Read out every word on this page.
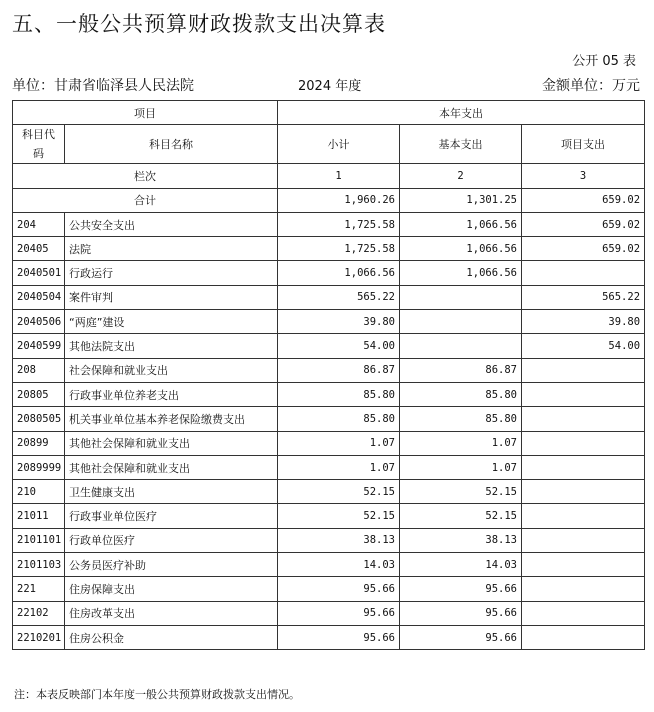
五、一般公共预算财政拨款支出决算表
公开 05 表
单位：甘肃省临泽县人民法院	2024 年度	金额单位：万元
项目		本年支出		
科目代码	科目名称	小计	基本支出	项目支出
栏次		1	2	3
合计		1,960.26	1,301.25	659.02
204	公共安全支出	1,725.58	1,066.56	659.02
20405	法院	1,725.58	1,066.56	659.02
2040501	行政运行	1,066.56	1,066.56	
2040504	案件审判	565.22		565.22
2040506	“两庭”建设	39.80		39.80
2040599	其他法院支出	54.00		54.00
208	社会保障和就业支出	86.87	86.87	
20805	行政事业单位养老支出	85.80	85.80	
2080505	机关事业单位基本养老保险缴费支出	85.80	85.80	
20899	其他社会保障和就业支出	1.07	1.07	
2089999	其他社会保障和就业支出	1.07	1.07	
210	卫生健康支出	52.15	52.15	
21011	行政事业单位医疗	52.15	52.15	
2101101	行政单位医疗	38.13	38.13	
2101103	公务员医疗补助	14.03	14.03	
221	住房保障支出	95.66	95.66	
22102	住房改革支出	95.66	95.66	
2210201	住房公积金	95.66	95.66	
注：本表反映部门本年度一般公共预算财政拨款支出情况。
